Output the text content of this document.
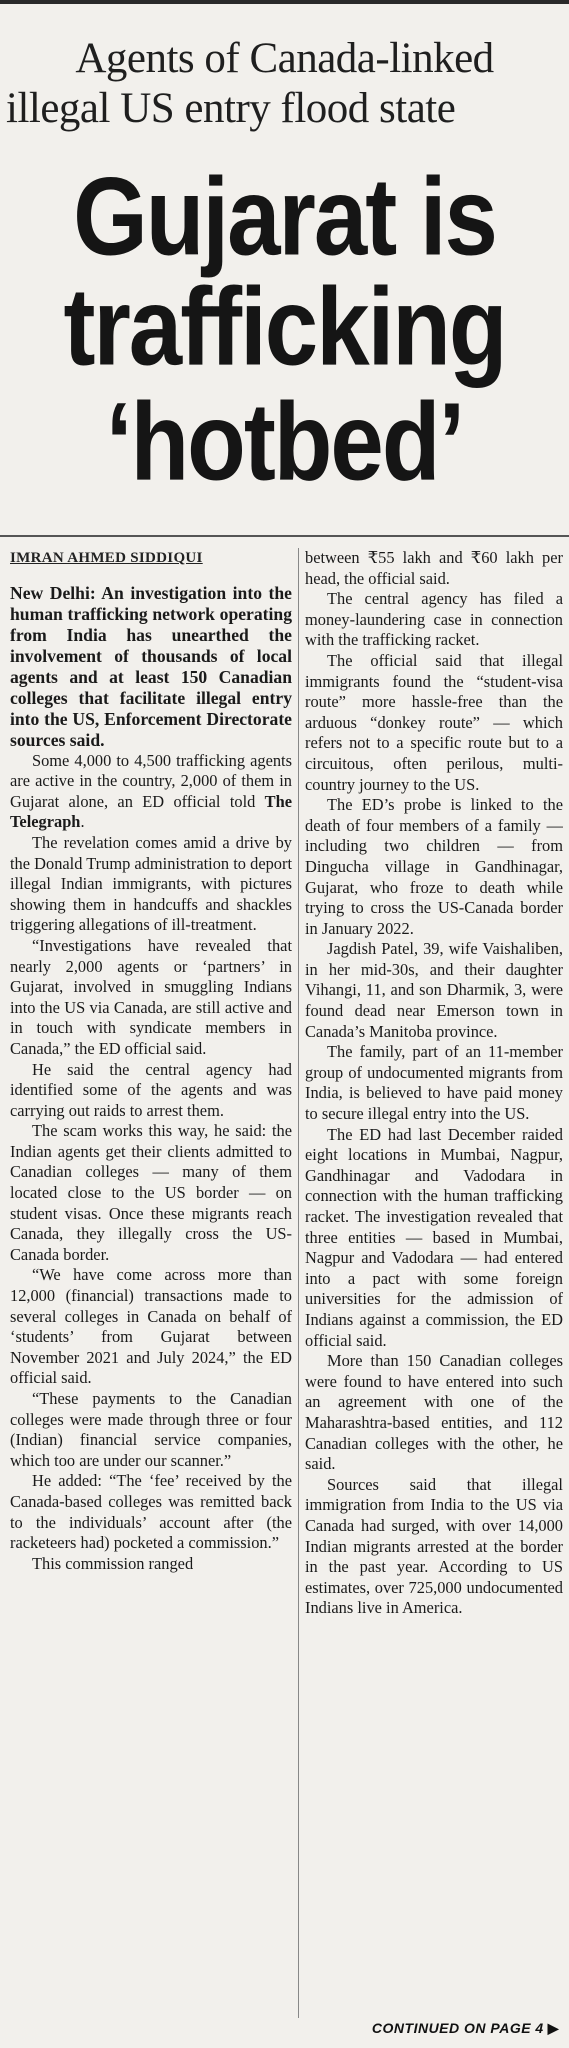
Agents of Canada-linked
illegal US entry flood state
Gujarat is
trafficking
‘hotbed’

IMRAN AHMED SIDDIQUI

New Delhi: An investigation into the human trafficking network operating from India has unearthed the involvement of thousands of local agents and at least 150 Canadian colleges that facilitate illegal entry into the US, Enforcement Directorate sources said.

Some 4,000 to 4,500 trafficking agents are active in the country, 2,000 of them in Gujarat alone, an ED official told The Telegraph.

The revelation comes amid a drive by the Donald Trump administration to deport illegal Indian immigrants, with pictures showing them in handcuffs and shackles triggering allegations of ill-treatment.

“Investigations have revealed that nearly 2,000 agents or ‘partners’ in Gujarat, involved in smuggling Indians into the US via Canada, are still active and in touch with syndicate members in Canada,” the ED official said.

He said the central agency had identified some of the agents and was carrying out raids to arrest them.

The scam works this way, he said: the Indian agents get their clients admitted to Canadian colleges — many of them located close to the US border — on student visas. Once these migrants reach Canada, they illegally cross the US-Canada border.

“We have come across more than 12,000 (financial) transactions made to several colleges in Canada on behalf of ‘students’ from Gujarat between November 2021 and July 2024,” the ED official said.

“These payments to the Canadian colleges were made through three or four (Indian) financial service companies, which too are under our scanner.”

He added: “The ‘fee’ received by the Canada-based colleges was remitted back to the individuals’ account after (the racketeers had) pocketed a commission.”

This commission ranged

between ₹55 lakh and ₹60 lakh per head, the official said.

The central agency has filed a money-laundering case in connection with the trafficking racket.

The official said that illegal immigrants found the “student-visa route” more hassle-free than the arduous “donkey route” — which refers not to a specific route but to a circuitous, often perilous, multi-country journey to the US.

The ED’s probe is linked to the death of four members of a family — including two children — from Dingucha village in Gandhinagar, Gujarat, who froze to death while trying to cross the US-Canada border in January 2022.

Jagdish Patel, 39, wife Vaishaliben, in her mid-30s, and their daughter Vihangi, 11, and son Dharmik, 3, were found dead near Emerson town in Canada’s Manitoba province.

The family, part of an 11-member group of undocumented migrants from India, is believed to have paid money to secure illegal entry into the US.

The ED had last December raided eight locations in Mumbai, Nagpur, Gandhinagar and Vadodara in connection with the human trafficking racket. The investigation revealed that three entities — based in Mumbai, Nagpur and Vadodara — had entered into a pact with some foreign universities for the admission of Indians against a commission, the ED official said.

More than 150 Canadian colleges were found to have entered into such an agreement with one of the Maharashtra-based entities, and 112 Canadian colleges with the other, he said.

Sources said that illegal immigration from India to the US via Canada had surged, with over 14,000 Indian migrants arrested at the border in the past year. According to US estimates, over 725,000 undocumented Indians live in America.

CONTINUED ON PAGE 4 ▶
